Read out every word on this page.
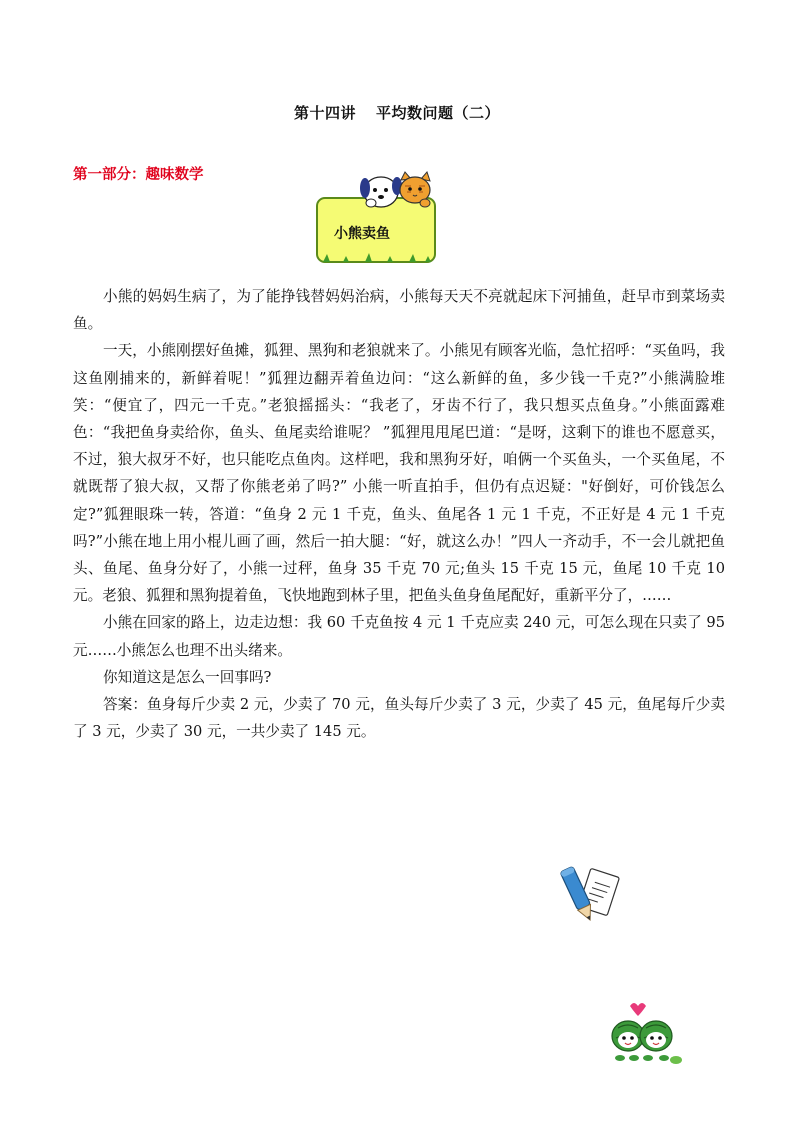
第十四讲 平均数问题（二）
第一部分：趣味数学
小熊卖鱼

小熊的妈妈生病了，为了能挣钱替妈妈治病，小熊每天天不亮就起床下河捕鱼，赶早市到菜场卖鱼。

一天，小熊刚摆好鱼摊，狐狸、黑狗和老狼就来了。小熊见有顾客光临，急忙招呼：“买鱼吗，我这鱼刚捕来的，新鲜着呢！”狐狸边翻弄着鱼边问：“这么新鲜的鱼，多少钱一千克?”小熊满脸堆笑：“便宜了，四元一千克。”老狼摇摇头：“我老了，牙齿不行了，我只想买点鱼身。”小熊面露难色：“我把鱼身卖给你，鱼头、鱼尾卖给谁呢？ ”狐狸甩甩尾巴道：“是呀，这剩下的谁也不愿意买，不过，狼大叔牙不好，也只能吃点鱼肉。这样吧，我和黑狗牙好，咱俩一个买鱼头，一个买鱼尾，不就既帮了狼大叔，又帮了你熊老弟了吗?” 小熊一听直拍手，但仍有点迟疑："好倒好，可价钱怎么定?”狐狸眼珠一转，答道：“鱼身 2 元 1 千克，鱼头、鱼尾各 1 元 1 千克，不正好是 4 元 1 千克吗?”小熊在地上用小棍儿画了画，然后一拍大腿：“好，就这么办！”四人一齐动手，不一会儿就把鱼头、鱼尾、鱼身分好了，小熊一过秤，鱼身 35 千克 70 元;鱼头 15 千克 15 元，鱼尾 10 千克 10 元。老狼、狐狸和黑狗提着鱼，飞快地跑到林子里，把鱼头鱼身鱼尾配好，重新平分了，……

小熊在回家的路上，边走边想：我 60 千克鱼按 4 元 1 千克应卖 240 元，可怎么现在只卖了 95 元……小熊怎么也理不出头绪来。

你知道这是怎么一回事吗?

答案：鱼身每斤少卖 2 元，少卖了 70 元，鱼头每斤少卖了 3 元，少卖了 45 元，鱼尾每斤少卖了 3 元，少卖了 30 元，一共少卖了 145 元。
